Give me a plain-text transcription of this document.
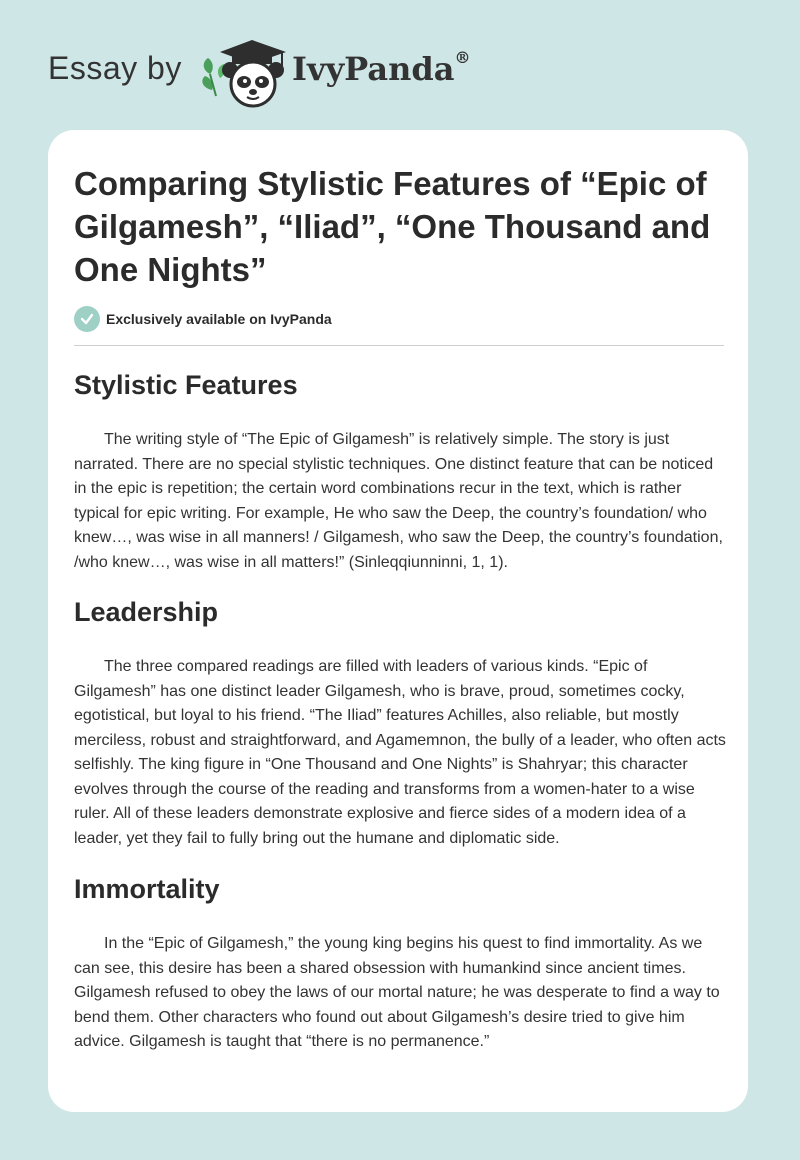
Essay by	IvyPanda®
Comparing Stylistic Features of “Epic of Gilgamesh”, “Iliad”, “One Thousand and One Nights”
Exclusively available on IvyPanda
Stylistic Features

The writing style of “The Epic of Gilgamesh” is relatively simple. The story is just narrated. There are no special stylistic techniques. One distinct feature that can be noticed in the epic is repetition; the certain word combinations recur in the text, which is rather typical for epic writing. For example, He who saw the Deep, the country’s foundation/ who knew…, was wise in all manners! / Gilgamesh, who saw the Deep, the country’s foundation, /who knew…, was wise in all matters!” (Sinleqqiunninni, 1, 1).

Leadership

The three compared readings are filled with leaders of various kinds. “Epic of Gilgamesh” has one distinct leader Gilgamesh, who is brave, proud, sometimes cocky, egotistical, but loyal to his friend. “The Iliad” features Achilles, also reliable, but mostly merciless, robust and straightforward, and Agamemnon, the bully of a leader, who often acts selfishly. The king figure in “One Thousand and One Nights” is Shahryar; this character evolves through the course of the reading and transforms from a women-hater to a wise ruler. All of these leaders demonstrate explosive and fierce sides of a modern idea of a leader, yet they fail to fully bring out the humane and diplomatic side.

Immortality

In the “Epic of Gilgamesh,” the young king begins his quest to find immortality. As we can see, this desire has been a shared obsession with humankind since ancient times. Gilgamesh refused to obey the laws of our mortal nature; he was desperate to find a way to bend them. Other characters who found out about Gilgamesh’s desire tried to give him advice. Gilgamesh is taught that “there is no permanence.”
